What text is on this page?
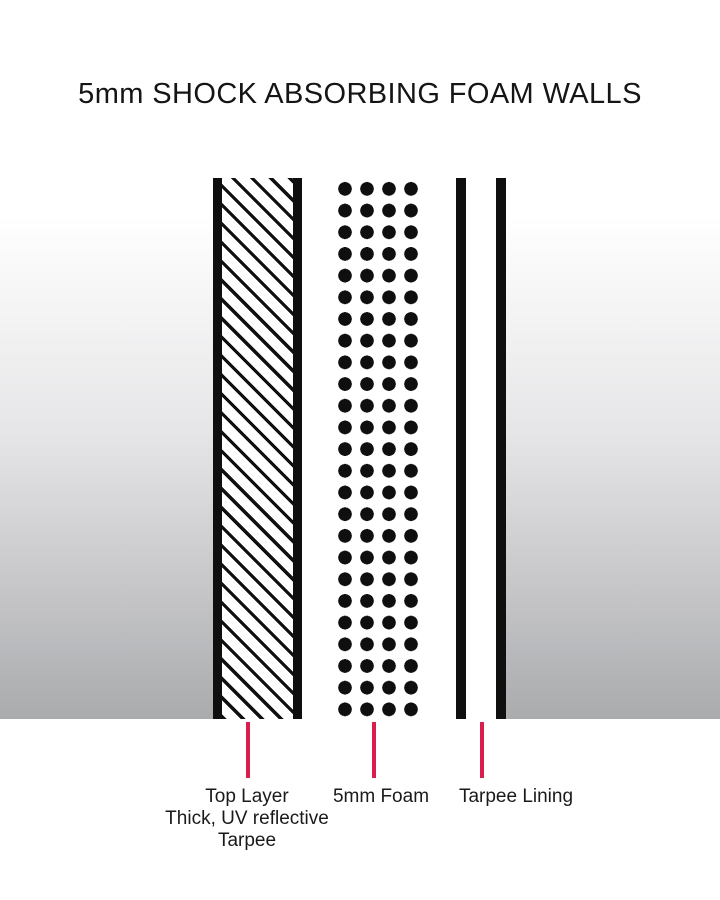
5mm SHOCK ABSORBING FOAM WALLS
Top Layer
Thick, UV reflective
Tarpee
5mm Foam	Tarpee Lining
